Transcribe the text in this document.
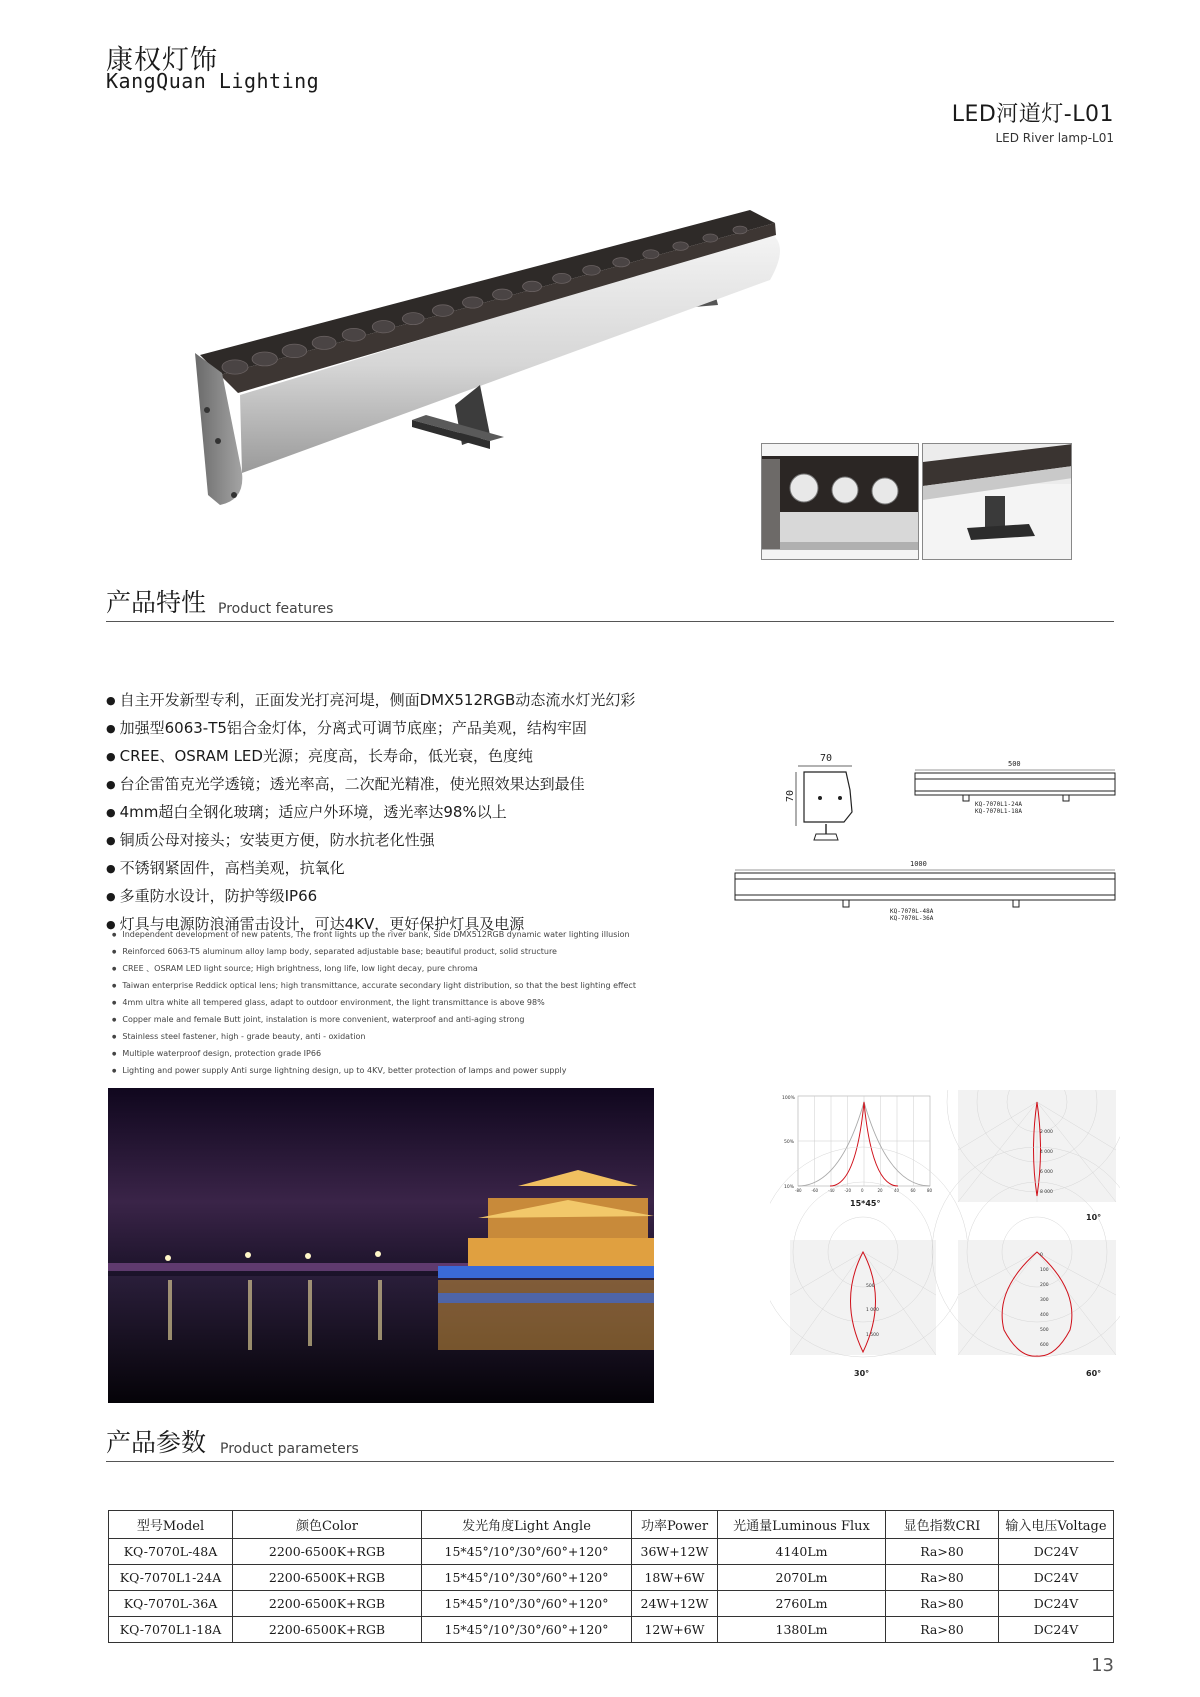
康权灯饰
KangQuan Lighting
LED河道灯-L01
LED River lamp-L01
产品特性 Product features
● 自主开发新型专利，正面发光打亮河堤，侧面DMX512RGB动态流水灯光幻彩
● 加强型6063-T5铝合金灯体，分离式可调节底座；产品美观，结构牢固
● CREE、OSRAM LED光源；亮度高，长寿命，低光衰，色度纯
● 台企雷笛克光学透镜；透光率高，二次配光精准，使光照效果达到最佳
● 4mm超白全钢化玻璃；适应户外环境，透光率达98%以上
● 铜质公母对接头；安装更方便，防水抗老化性强
● 不锈钢紧固件，高档美观，抗氧化
● 多重防水设计，防护等级IP66
● 灯具与电源防浪涌雷击设计，可达4KV，更好保护灯具及电源
● Independent development of new patents, The front lights up the river bank, Side DMX512RGB dynamic water lighting illusion
● Reinforced 6063-T5 aluminum alloy lamp body, separated adjustable base; beautiful product, solid structure
● CREE 、OSRAM LED light source; High brightness, long life, low light decay, pure chroma
● Taiwan enterprise Reddick optical lens; high transmittance, accurate secondary light distribution, so that the best lighting effect
● 4mm ultra white all tempered glass, adapt to outdoor environment, the light transmittance is above 98%
● Copper male and female Butt joint, instalation is more convenient, waterproof and anti-aging strong
● Stainless steel fastener, high - grade beauty, anti - oxidation
● Multiple waterproof design, protection grade IP66
● Lighting and power supply Anti surge lightning design, up to 4KV, better protection of lamps and power supply
70
70
500
KQ-7070L1-24A
KQ-7070L1-18A
1000
KQ-7070L-48A
KQ-7070L-36A
100%
50%
10%
-80 -60 -40 -20 0	20	40	60	80
15*45°
2 000
4 000
6 000
8 000
10°
500
1 000
1 500
30°
0
100
200
300
400
500
600
60°
产品参数 Product parameters
型号Model	颜色Color	发光角度Light Angle	功率Power	光通量Luminous Flux	显色指数CRI	输入电压Voltage
KQ-7070L-48A	2200-6500K+RGB	15*45°/10°/30°/60°+120°	36W+12W	4140Lm	Ra>80	DC24V
KQ-7070L1-24A	2200-6500K+RGB	15*45°/10°/30°/60°+120°	18W+6W	2070Lm	Ra>80	DC24V
KQ-7070L-36A	2200-6500K+RGB	15*45°/10°/30°/60°+120°	24W+12W	2760Lm	Ra>80	DC24V
KQ-7070L1-18A	2200-6500K+RGB	15*45°/10°/30°/60°+120°	12W+6W	1380Lm	Ra>80	DC24V
13
